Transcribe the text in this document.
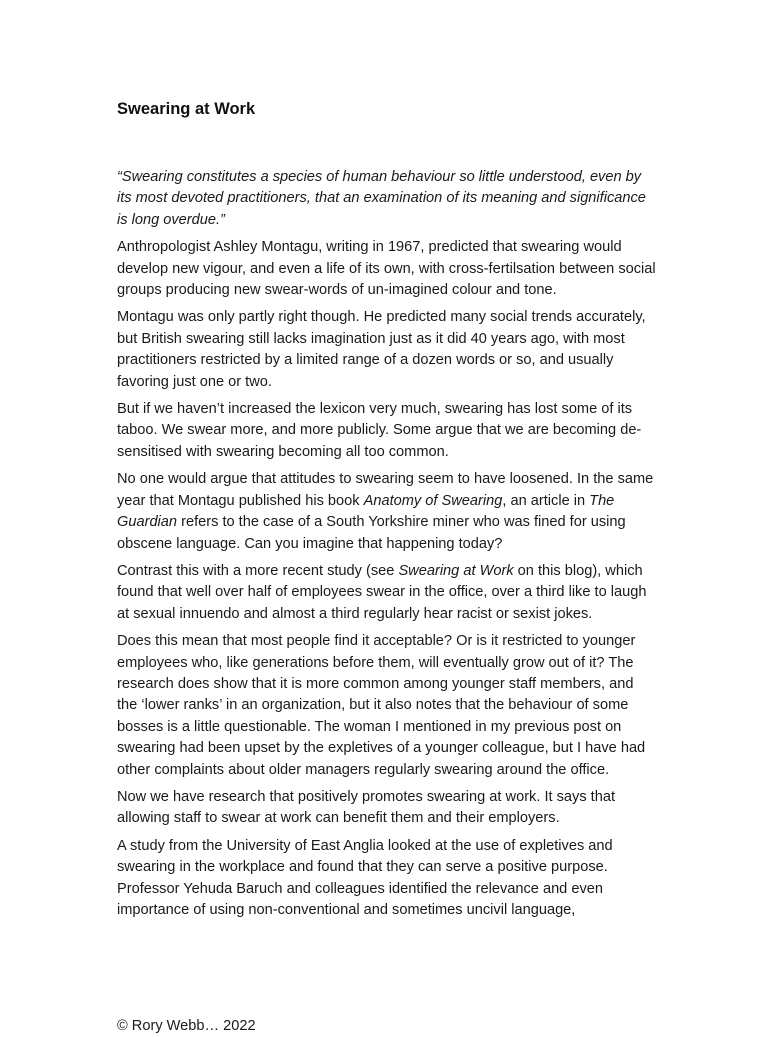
Swearing at Work

“Swearing constitutes a species of human behaviour so little understood, even by its most devoted practitioners, that an examination of its meaning and significance is long overdue.”

Anthropologist Ashley Montagu, writing in 1967, predicted that swearing would develop new vigour, and even a life of its own, with cross-fertilsation between social groups producing new swear-words of un-imagined colour and tone.

Montagu was only partly right though. He predicted many social trends accurately, but British swearing still lacks imagination just as it did 40 years ago, with most practitioners restricted by a limited range of a dozen words or so, and usually favoring just one or two.

But if we haven’t increased the lexicon very much, swearing has lost some of its taboo. We swear more, and more publicly. Some argue that we are becoming de-sensitised with swearing becoming all too common.

No one would argue that attitudes to swearing seem to have loosened. In the same year that Montagu published his book Anatomy of Swearing, an article in The Guardian refers to the case of a South Yorkshire miner who was fined for using obscene language. Can you imagine that happening today?

Contrast this with a more recent study (see Swearing at Work on this blog), which found that well over half of employees swear in the office, over a third like to laugh at sexual innuendo and almost a third regularly hear racist or sexist jokes.

Does this mean that most people find it acceptable? Or is it restricted to younger employees who, like generations before them, will eventually grow out of it? The research does show that it is more common among younger staff members, and the ‘lower ranks’ in an organization, but it also notes that the behaviour of some bosses is a little questionable. The woman I mentioned in my previous post on swearing had been upset by the expletives of a younger colleague, but I have had other complaints about older managers regularly swearing around the office.

Now we have research that positively promotes swearing at work. It says that allowing staff to swear at work can benefit them and their employers.

A study from the University of East Anglia looked at the use of expletives and swearing in the workplace and found that they can serve a positive purpose. Professor Yehuda Baruch and colleagues identified the relevance and even importance of using non-conventional and sometimes uncivil language,

© Rory Webb… 2022
